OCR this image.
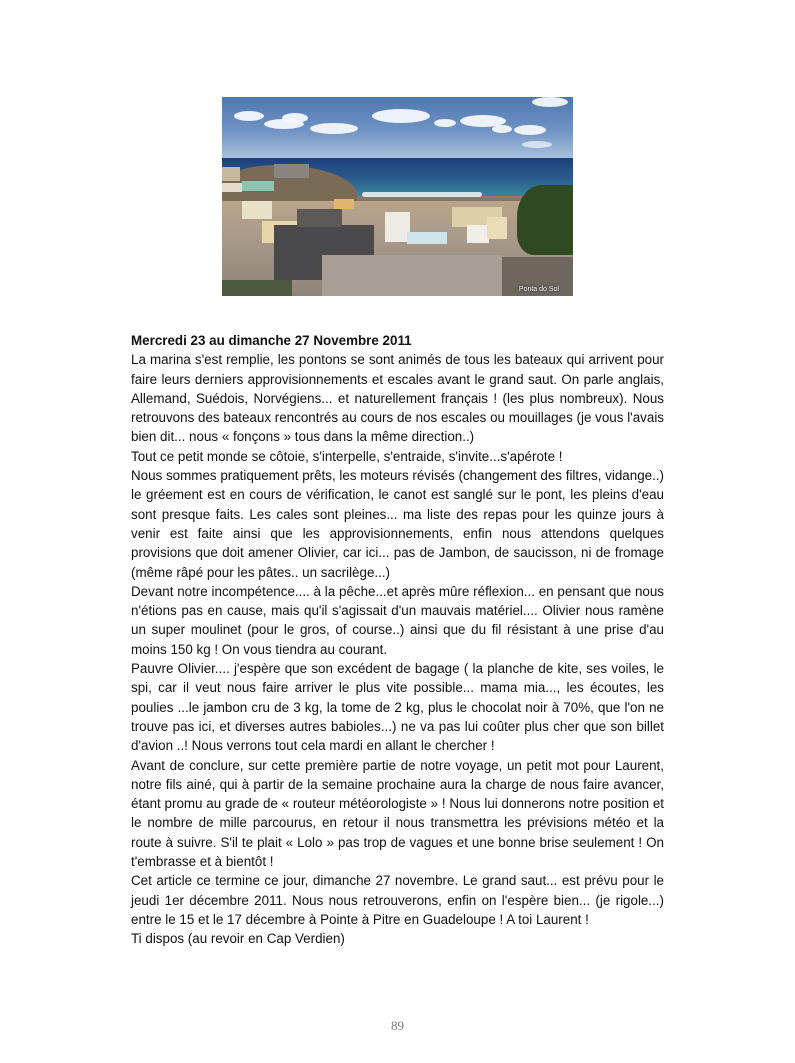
Ponta do Sol

Mercredi 23 au dimanche 27 Novembre 2011

La marina s'est remplie, les pontons se sont animés de tous les bateaux qui arrivent pour faire leurs derniers approvisionnements et escales avant le grand saut. On parle anglais, Allemand, Suédois, Norvégiens... et naturellement français ! (les plus nombreux). Nous retrouvons des bateaux rencontrés au cours de nos escales ou mouillages (je vous l'avais bien dit... nous « fonçons » tous dans la même direction..)

Tout ce petit monde se côtoie, s'interpelle, s'entraide, s'invite...s'apérote !

Nous sommes pratiquement prêts, les moteurs révisés (changement des filtres, vidange..) le gréement est en cours de vérification, le canot est sanglé sur le pont, les pleins d'eau sont presque faits. Les cales sont pleines... ma liste des repas pour les quinze jours à venir est faite ainsi que les approvisionnements, enfin nous attendons quelques provisions que doit amener Olivier, car ici... pas de Jambon, de saucisson, ni de fromage (même râpé pour les pâtes.. un sacrilège...)

Devant notre incompétence.... à la pêche...et après mûre réflexion... en pensant que nous n'étions pas en cause, mais qu'il s'agissait d'un mauvais matériel.... Olivier nous ramène un super moulinet (pour le gros, of course..) ainsi que du fil résistant à une prise d'au moins 150 kg ! On vous tiendra au courant.

Pauvre Olivier.... j'espère que son excédent de bagage ( la planche de kite, ses voiles, le spi, car il veut nous faire arriver le plus vite possible... mama mia..., les écoutes, les poulies ...le jambon cru de 3 kg, la tome de 2 kg, plus le chocolat noir à 70%, que l'on ne trouve pas ici, et diverses autres babioles...) ne va pas lui coûter plus cher que son billet d'avion ..! Nous verrons tout cela mardi en allant le chercher !

Avant de conclure, sur cette première partie de notre voyage, un petit mot pour Laurent, notre fils ainé, qui à partir de la semaine prochaine aura la charge de nous faire avancer, étant promu au grade de « routeur météorologiste » ! Nous lui donnerons notre position et le nombre de mille parcourus, en retour il nous transmettra les prévisions météo et la route à suivre. S'il te plait « Lolo » pas trop de vagues et une bonne brise seulement ! On t'embrasse et à bientôt !

Cet article ce termine ce jour, dimanche 27 novembre. Le grand saut... est prévu pour le jeudi 1er décembre 2011. Nous nous retrouverons, enfin on l'espère bien... (je rigole...) entre le 15 et le 17 décembre à Pointe à Pitre en Guadeloupe ! A toi Laurent !

Ti dispos (au revoir en Cap Verdien)

89
